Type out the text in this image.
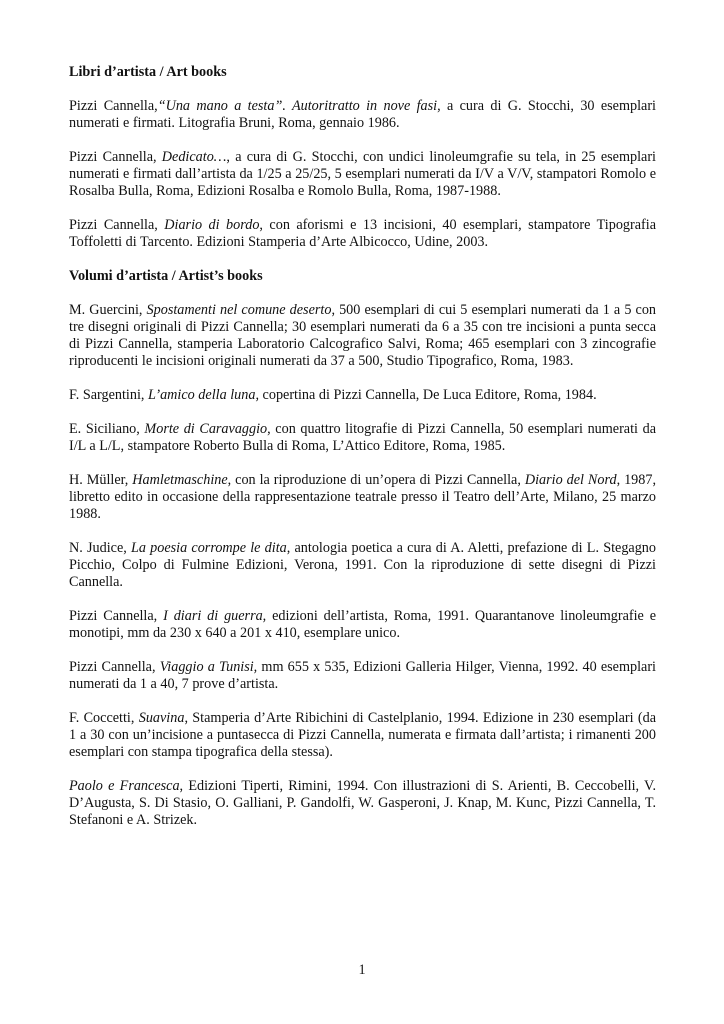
Libri d’artista / Art books

Pizzi Cannella,“Una mano a testa”. Autoritratto in nove fasi, a cura di G. Stocchi, 30 esemplari numerati e firmati. Litografia Bruni, Roma, gennaio 1986.

Pizzi Cannella, Dedicato…, a cura di G. Stocchi, con undici linoleumgrafie su tela, in 25 esemplari numerati e firmati dall’artista da 1/25 a 25/25, 5 esemplari numerati da I/V a V/V, stampatori Romolo e Rosalba Bulla, Roma, Edizioni Rosalba e Romolo Bulla, Roma, 1987-1988.

Pizzi Cannella, Diario di bordo, con aforismi e 13 incisioni, 40 esemplari, stampatore Tipografia Toffoletti di Tarcento. Edizioni Stamperia d’Arte Albicocco, Udine, 2003.

Volumi d’artista / Artist’s books

M. Guercini, Spostamenti nel comune deserto, 500 esemplari di cui 5 esemplari numerati da 1 a 5 con tre disegni originali di Pizzi Cannella; 30 esemplari numerati da 6 a 35 con tre incisioni a punta secca di Pizzi Cannella, stamperia Laboratorio Calcografico Salvi, Roma; 465 esemplari con 3 zincografie riproducenti le incisioni originali numerati da 37 a 500, Studio Tipografico, Roma, 1983.

F. Sargentini, L’amico della luna, copertina di Pizzi Cannella, De Luca Editore, Roma, 1984.

E. Siciliano, Morte di Caravaggio, con quattro litografie di Pizzi Cannella, 50 esemplari numerati da I/L a L/L, stampatore Roberto Bulla di Roma, L’Attico Editore, Roma, 1985.

H. Müller, Hamletmaschine, con la riproduzione di un’opera di Pizzi Cannella, Diario del Nord, 1987, libretto edito in occasione della rappresentazione teatrale presso il Teatro dell’Arte, Milano, 25 marzo 1988.

N. Judice, La poesia corrompe le dita, antologia poetica a cura di A. Aletti, prefazione di L. Stegagno Picchio, Colpo di Fulmine Edizioni, Verona, 1991. Con la riproduzione di sette disegni di Pizzi Cannella.

Pizzi Cannella, I diari di guerra, edizioni dell’artista, Roma, 1991. Quarantanove linoleumgrafie e monotipi, mm da 230 x 640 a 201 x 410, esemplare unico.

Pizzi Cannella, Viaggio a Tunisi, mm 655 x 535, Edizioni Galleria Hilger, Vienna, 1992. 40 esemplari numerati da 1 a 40, 7 prove d’artista.

F. Coccetti, Suavina, Stamperia d’Arte Ribichini di Castelplanio, 1994. Edizione in 230 esemplari (da 1 a 30 con un’incisione a puntasecca di Pizzi Cannella, numerata e firmata dall’artista; i rimanenti 200 esemplari con stampa tipografica della stessa).

Paolo e Francesca, Edizioni Tiperti, Rimini, 1994. Con illustrazioni di S. Arienti, B. Ceccobelli, V. D’Augusta, S. Di Stasio, O. Galliani, P. Gandolfi, W. Gasperoni, J. Knap, M. Kunc, Pizzi Cannella, T. Stefanoni e A. Strizek.

1
